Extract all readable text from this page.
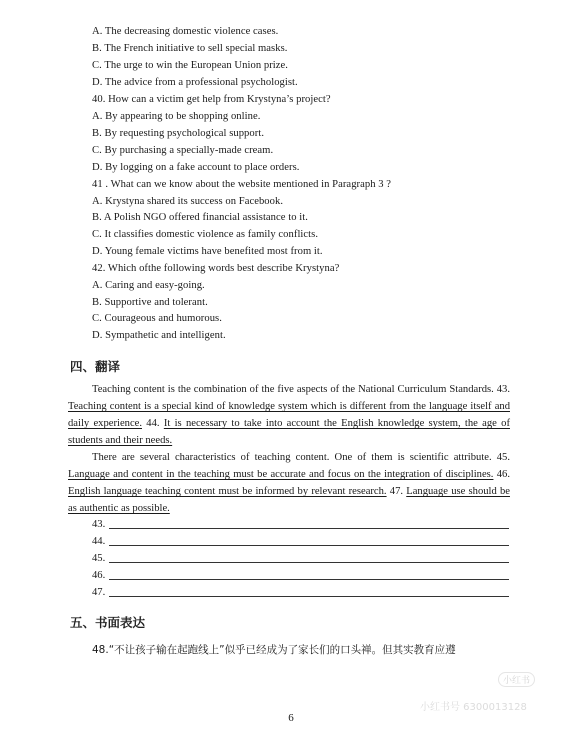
A. The decreasing domestic violence cases.
B. The French initiative to sell special masks.
C. The urge to win the European Union prize.
D. The advice from a professional psychologist.
40. How can a victim get help from Krystyna’s project?
A. By appearing to be shopping online.
B. By requesting psychological support.
C. By purchasing a specially-made cream.
D. By logging on a fake account to place orders.
41 . What can we know about the website mentioned in Paragraph 3 ?
A. Krystyna shared its success on Facebook.
B. A Polish NGO offered financial assistance to it.
C. It classifies domestic violence as family conflicts.
D. Young female victims have benefited most from it.
42. Which ofthe following words best describe Krystyna?
A. Caring and easy-going.
B. Supportive and tolerant.
C. Courageous and humorous.
D. Sympathetic and intelligent.
四、翻译
Teaching content is the combination of the five aspects of the National Curriculum Standards. 43. Teaching content is a special kind of knowledge system which is different from the language itself and daily experience. 44. It is necessary to take into account the English knowledge system, the age of students and their needs.
There are several characteristics of teaching content. One of them is scientific attribute. 45. Language and content in the teaching must be accurate and focus on the integration of disciplines. 46. English language teaching content must be informed by relevant research. 47. Language use should be as authentic as possible.
43.
44.
45.
46.
47.
五、书面表达
48.“不让孩子输在起跑线上”似乎已经成为了家长们的口头禅。但其实教育应遵
小红书
小红书号 6300013128
6
